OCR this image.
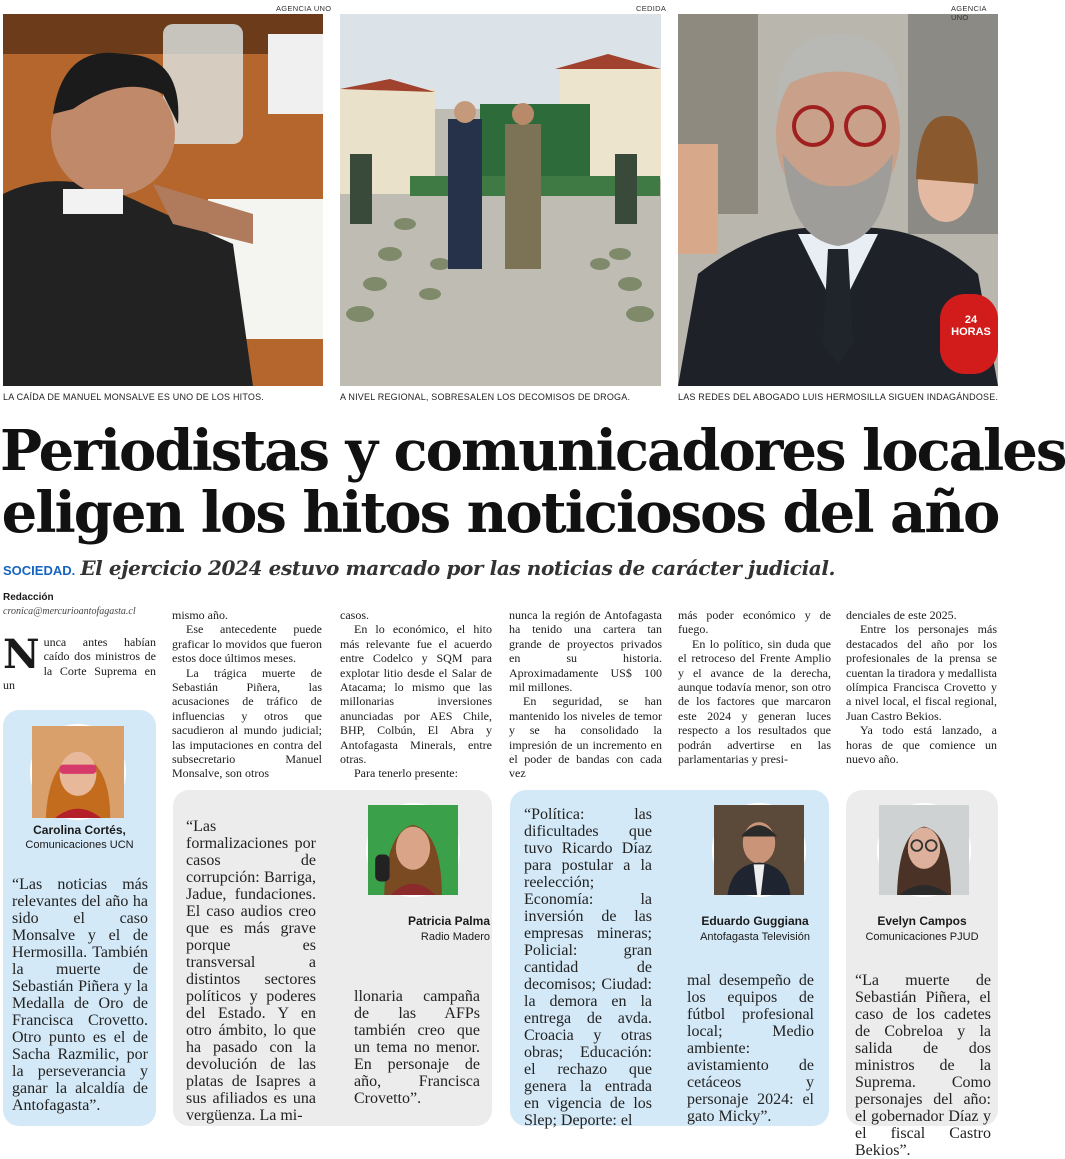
AGENCIA UNO	CEDIDA
24 HORAS
AGENCIA UNO
LA CAÍDA DE MANUEL MONSALVE ES UNO DE LOS HITOS.	A NIVEL REGIONAL, SOBRESALEN LOS DECOMISOS DE DROGA.	LAS REDES DEL ABOGADO LUIS HERMOSILLA SIGUEN INDAGÁNDOSE.
Periodistas y comunicadores locales
eligen los hitos noticiosos del año
SOCIEDAD. El ejercicio 2024 estuvo marcado por las noticias de carácter judicial.
Redacción
cronica@mercurioantofagasta.cl
Nunca antes habían caído dos ministros de la Corte Suprema en un

mismo año.

Ese antecedente puede graficar lo movidos que fueron estos doce últimos meses.

La trágica muerte de Sebastián Piñera, las acusaciones de tráfico de influencias y otros que sacudieron al mundo judicial; las imputaciones en contra del subsecretario Manuel Monsalve, son otros

casos.

En lo económico, el hito más relevante fue el acuerdo entre Codelco y SQM para explotar litio desde el Salar de Atacama; lo mismo que las millonarias inversiones anunciadas por AES Chile, BHP, Colbún, El Abra y Antofagasta Minerals, entre otras.

Para tenerlo presente:

nunca la región de Antofagasta ha tenido una cartera tan grande de proyectos privados en su historia. Aproximadamente US$ 100 mil millones.

En seguridad, se han mantenido los niveles de temor y se ha consolidado la impresión de un incremento en el poder de bandas con cada vez

más poder económico y de fuego.

En lo político, sin duda que el retroceso del Frente Amplio y el avance de la derecha, aunque todavía menor, son otro de los factores que marcaron este 2024 y generan luces respecto a los resultados que podrán advertirse en las parlamentarias y presi-

denciales de este 2025.

Entre los personajes más destacados del año por los profesionales de la prensa se cuentan la tiradora y medallista olímpica Francisca Crovetto y a nivel local, el fiscal regional, Juan Castro Bekios.

Ya todo está lanzado, a horas de que comience un nuevo año.

Carolina Cortés,
Comunicaciones UCN
“Las noticias más relevantes del año ha sido el caso Monsalve y el de Hermosilla. También la muerte de Sebastián Piñera y la Medalla de Oro de Francisca Crovetto. Otro punto es el de Sacha Razmilic, por la perseverancia y ganar la alcaldía de Antofagasta”.
Patricia Palma
Radio Madero
“Las formalizaciones por casos de corrupción: Barriga, Jadue, fundaciones. El caso audios creo que es más grave porque es transversal a distintos sectores políticos y poderes del Estado. Y en otro ámbito, lo que ha pasado con la devolución de las platas de Isapres a sus afiliados es una vergüenza. La mi-
llonaria campaña de las AFPs también creo que un tema no menor. En personaje de año, Francisca Crovetto”.
Eduardo Guggiana
Antofagasta Televisión
“Política: las dificultades que tuvo Ricardo Díaz para postular a la reelección; Economía: la inversión de las empresas mineras; Policial: gran cantidad de decomisos; Ciudad: la demora en la entrega de avda. Croacia y otras obras; Educación: el rechazo que genera la entrada en vigencia de los Slep; Deporte: el
mal desempeño de los equipos de fútbol profesional local; Medio ambiente: avistamiento de cetáceos y personaje 2024: el gato Micky”.
Evelyn Campos
Comunicaciones PJUD
“La muerte de Sebastián Piñera, el caso de los cadetes de Cobreloa y la salida de dos ministros de la Suprema. Como personajes del año: el gobernador Díaz y el fiscal Castro Bekios”.
